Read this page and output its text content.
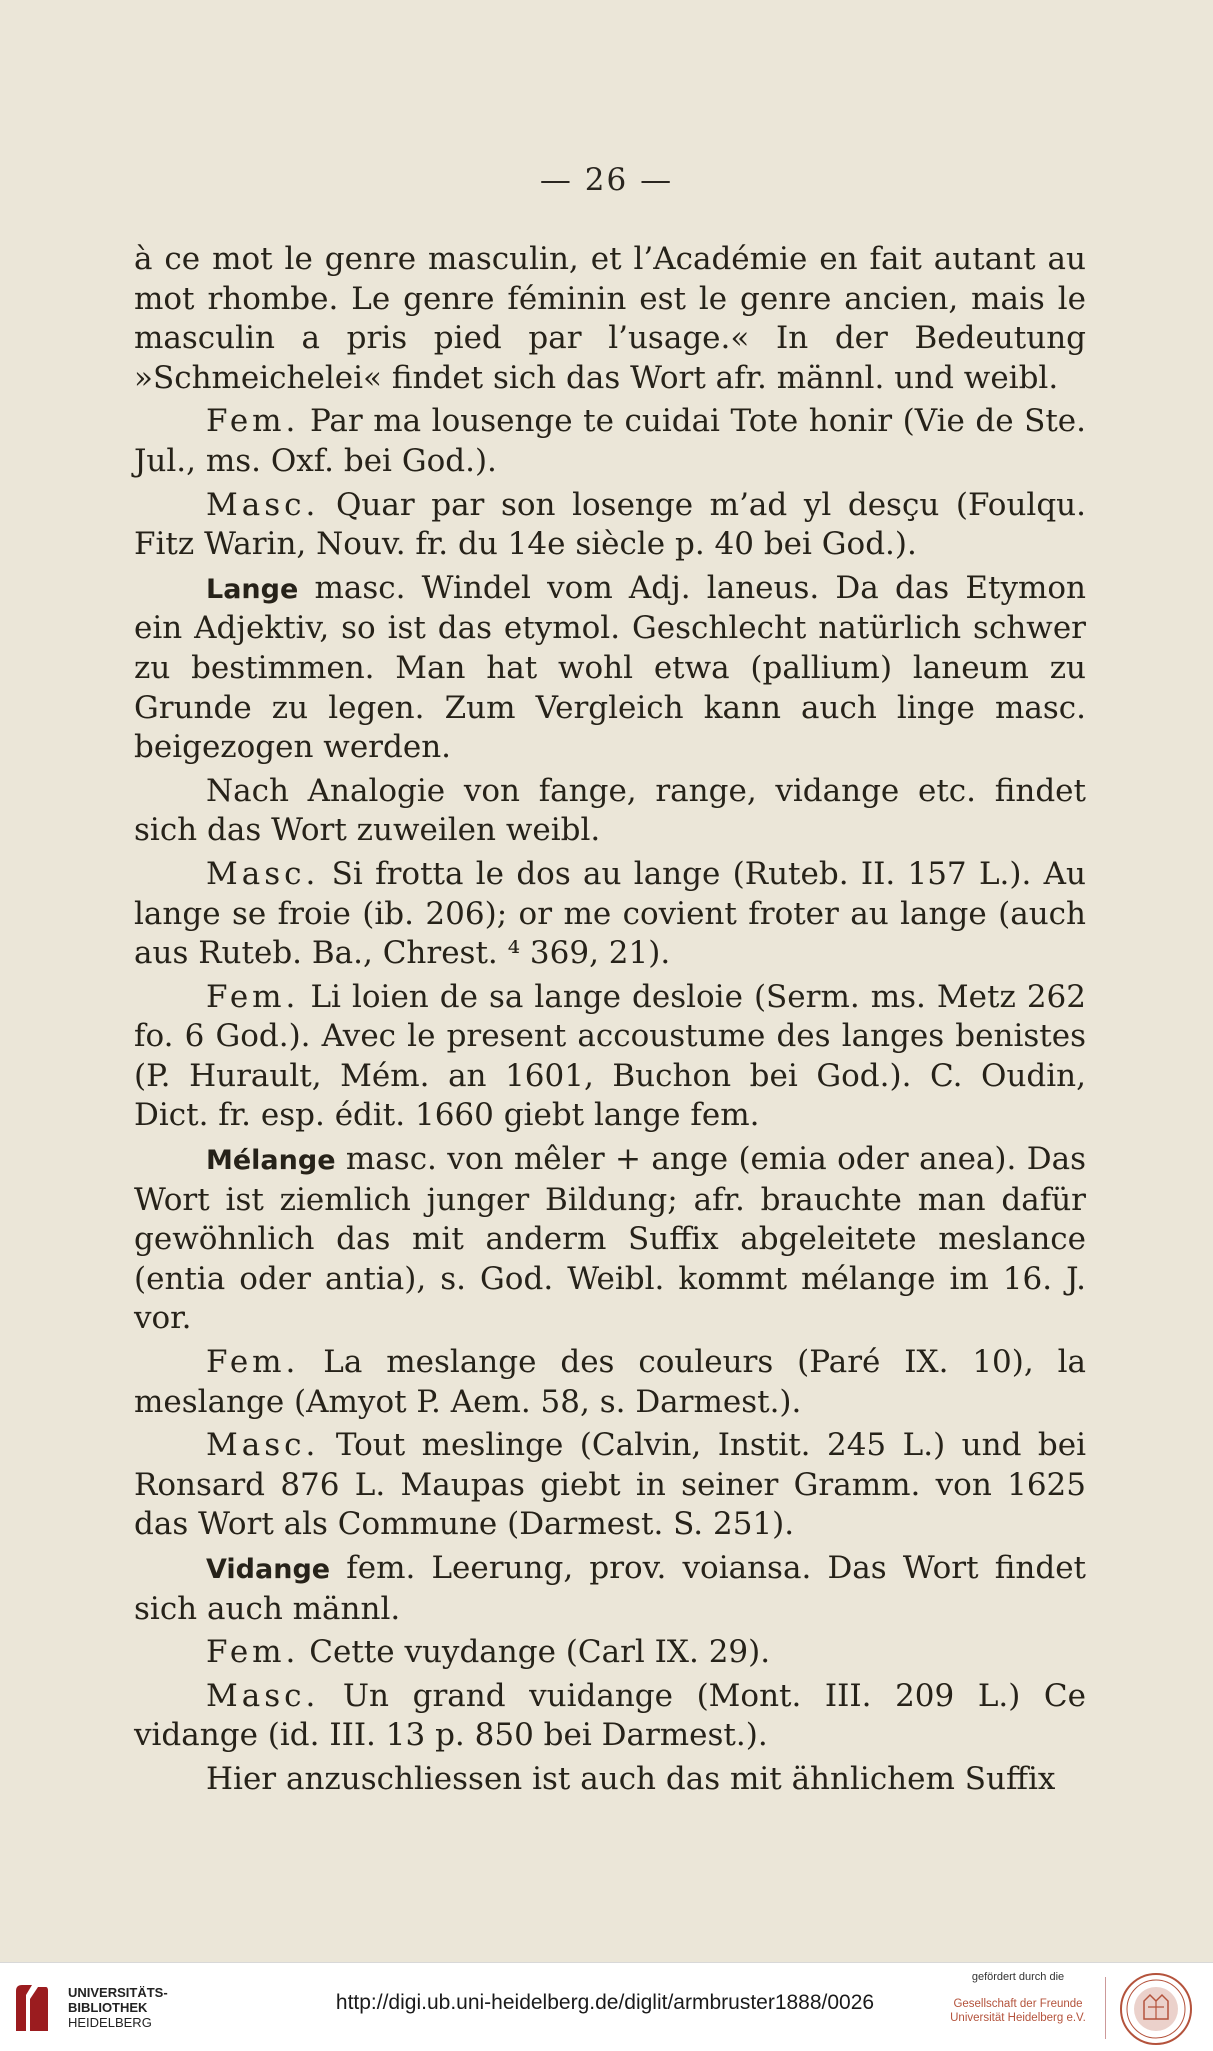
— 26 —

à ce mot le genre masculin, et l’Académie en fait autant au mot rhombe. Le genre féminin est le genre ancien, mais le masculin a pris pied par l’usage.« In der Bedeutung »Schmeichelei« findet sich das Wort afr. männl. und weibl.

Fem. Par ma lousenge te cuidai Tote honir (Vie de Ste. Jul., ms. Oxf. bei God.).

Masc. Quar par son losenge m’ad yl desçu (Foulqu. Fitz Warin, Nouv. fr. du 14e siècle p. 40 bei God.).

Lange masc. Windel vom Adj. laneus. Da das Etymon ein Adjektiv, so ist das etymol. Geschlecht natürlich schwer zu bestimmen. Man hat wohl etwa (pallium) laneum zu Grunde zu legen. Zum Vergleich kann auch linge masc. beigezogen werden.

Nach Analogie von fange, range, vidange etc. findet sich das Wort zuweilen weibl.

Masc. Si frotta le dos au lange (Ruteb. II. 157 L.). Au lange se froie (ib. 206); or me covient froter au lange (auch aus Ruteb. Ba., Chrest. ⁴ 369, 21).

Fem. Li loien de sa lange desloie (Serm. ms. Metz 262 fo. 6 God.). Avec le present accoustume des langes benistes (P. Hurault, Mém. an 1601, Buchon bei God.). C. Oudin, Dict. fr. esp. édit. 1660 giebt lange fem.

Mélange masc. von mêler + ange (emia oder anea). Das Wort ist ziemlich junger Bildung; afr. brauchte man dafür gewöhnlich das mit anderm Suffix abgeleitete meslance (entia oder antia), s. God. Weibl. kommt mélange im 16. J. vor.

Fem. La meslange des couleurs (Paré IX. 10), la meslange (Amyot P. Aem. 58, s. Darmest.).

Masc. Tout meslinge (Calvin, Instit. 245 L.) und bei Ronsard 876 L. Maupas giebt in seiner Gramm. von 1625 das Wort als Commune (Darmest. S. 251).

Vidange fem. Leerung, prov. voiansa. Das Wort findet sich auch männl.

Fem. Cette vuydange (Carl IX. 29).

Masc. Un grand vuidange (Mont. III. 209 L.) Ce vidange (id. III. 13 p. 850 bei Darmest.).

Hier anzuschliessen ist auch das mit ähnlichem Suffix

UNIVERSITÄTS-
BIBLIOTHEK
HEIDELBERG
http://digi.ub.uni-heidelberg.de/diglit/armbruster1888/0026
gefördert durch die
Gesellschaft der Freunde
Universität Heidelberg e.V.
